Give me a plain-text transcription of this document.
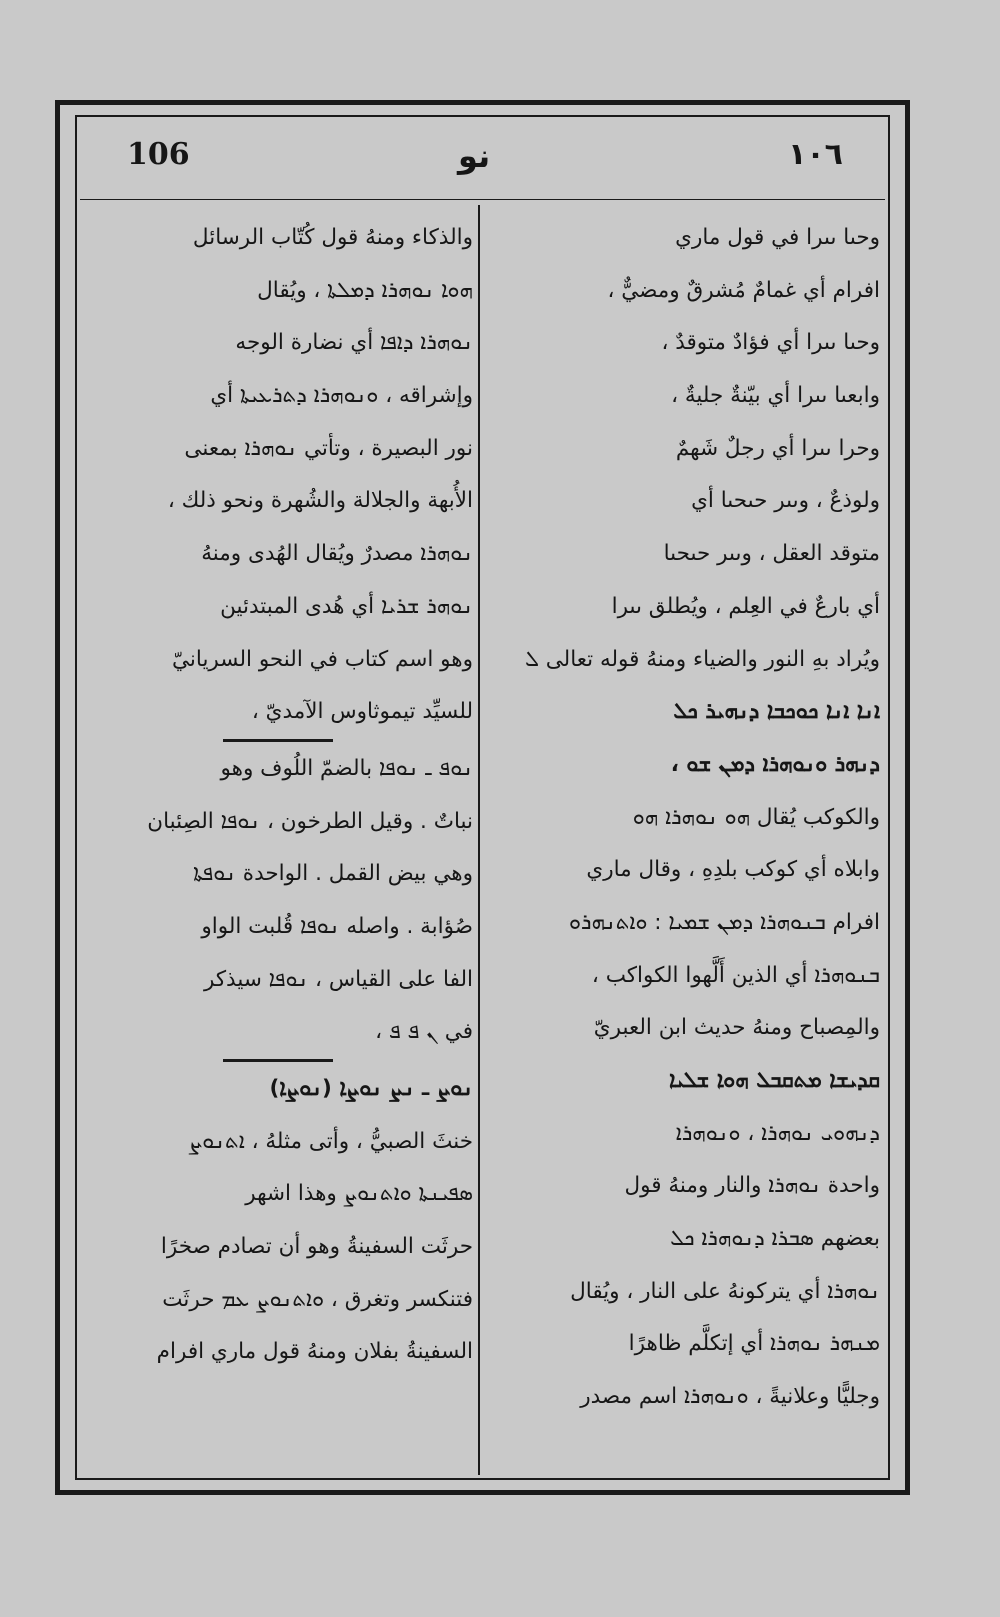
106	نو	١٠٦
وحىا ىىرا في قول ماري
افرام أي غمامٌ مُشرقٌ ومضيٌّ ،
وحىا ىىرا أي فؤادٌ متوقدٌ ،
وابعىا ىىرا أي بيّنةٌ جليةٌ ،
وحرا ىىرا أي رجلٌ شَهمٌ
ولوذعٌ ، وىىر حىحىا أي
متوقد العقل ، وىىر حىحىا
أي بارعٌ في العِلم ، ويُطلق ىىرا
ويُراد بهِ النور والضياء ومنهُ قوله تعالى ܠ
ܐܢܐ ܐܢܐ ܟܘܟܒܐ ܕܢܗܝܪ ܟܠ
ܕܢܗܪ ܘܢܘܗܪܐ ܕܡܢ ܫܘ ،
والكوكب يُقال ܗܘ ܢܘܗܪܐ ܗܘ
وابلاه أي كوكب بلدِهِ ، وقال ماري
افرام ܒܢܘܗܪܐ ܕܡܢ ܫܡܝܐ : ܘܐܬܢܗܪܘ
ܒܢܘܗܪܐ أي الذين أَلَّهوا الكواكب ،
والمِصباح ومنهُ حديث ابن العبريّ
ܩܕܝܫܐ ܡܬܩܒܠ ܗܘܐ ܫܠܝܐ
ܕܢܗܘܝ ܢܘܗܪܐ ، ܘܢܘܗܪܐ
واحدة ܢܘܗܪܐ والنار ومنهُ قول
بعضهم ܣܒܪܐ ܕܢܘܗܪܐ ܟܠ
ܢܘܗܪܐ أي يتركونهُ على النار ، ويُقال
ܡܢܗܪ ܢܘܗܪܐ أي إتكلَّم ظاهرًا
وجليًّا وعلانيةً ، ܘܢܘܗܪܐ اسم مصدر
والذكاء ومنهُ قول كُتّاب الرسائل
ܗܘܐ ܢܘܗܪܐ ܕܡܠܬܐ ، ويُقال
ܢܘܗܪܐ ܕܐܦܐ أي نضارة الوجه
وإشراقه ، ܘܢܘܗܪܐ ܕܬܪܥܝܬܐ أي
نور البصيرة ، وتأتي ܢܘܗܪܐ بمعنى
الأُبهة والجلالة والشُهرة ونحو ذلك ،
ܢܘܗܪܐ مصدرٌ ويُقال الهُدى ومنهُ
ܢܘܗܪ ܫܪܝܐ أي هُدى المبتدئين
وهو اسم كتاب في النحو السريانيّ
للسيِّد تيموثاوس الآمديّ ،
ܢܘܦ ـ ܢܘܦܐ بالضمّ اللُوف وهو
نباتٌ . وقيل الطرخون ، ܢܘܦܐ الصِئبان
وهي بيض القمل . الواحدة ܢܘܦܬܐ
صُؤابة . واصله ܢܘܦܐ قُلبت الواو
الفا على القياس ، ܢܘܦܐ سيذكر
في ܢ ܦ ܦ ،
ܢܘܨ ـ ܢܨ ܢܘܨܐ (ܢܘܨܐ)
خنثَ الصبيُّ ، وأتى مثلهُ ، ܐܬܢܘܨ
ܣܦܝܢܬܐ ܘܐܬܢܘܨ وهذا اشهر
حرثَت السفينةُ وهو أن تصادم صخرًا
فتنكسر وتغرق ، ܘܐܬܢܘܨ ܥܡ حرثَت
السفينةُ بفلان ومنهُ قول ماري افرام
